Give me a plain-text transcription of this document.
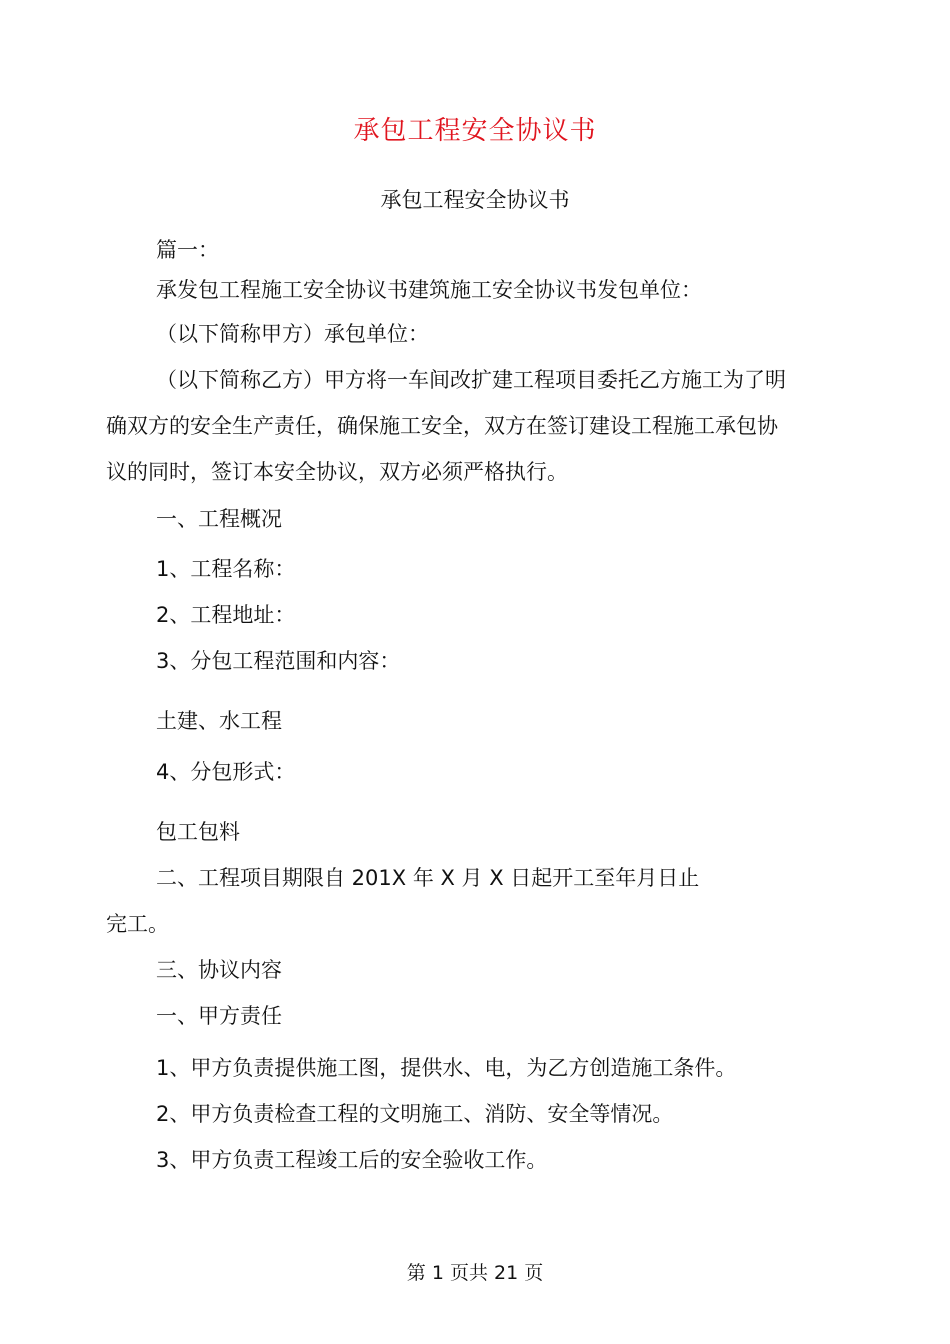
承包工程安全协议书
承包工程安全协议书
篇一：
承发包工程施工安全协议书建筑施工安全协议书发包单位：
（以下简称甲方）承包单位：
（以下简称乙方）甲方将一车间改扩建工程项目委托乙方施工为了明
确双方的安全生产责任，确保施工安全，双方在签订建设工程施工承包协
议的同时，签订本安全协议，双方必须严格执行。
一、工程概况
1、工程名称：
2、工程地址：
3、分包工程范围和内容：
土建、水工程
4、分包形式：
包工包料
二、工程项目期限自 201X 年 X 月 X 日起开工至年月日止
完工。
三、协议内容
一、甲方责任
1、甲方负责提供施工图，提供水、电，为乙方创造施工条件。
2、甲方负责检查工程的文明施工、消防、安全等情况。
3、甲方负责工程竣工后的安全验收工作。
第 1 页共 21 页
